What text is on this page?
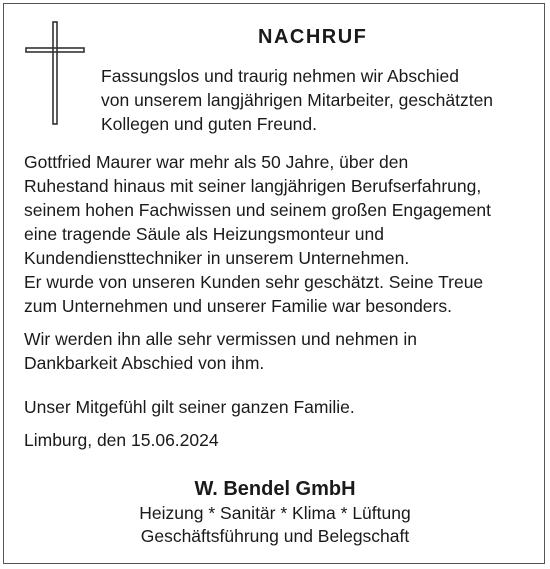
NACHRUF
Fassungslos und traurig nehmen wir Abschied
von unserem langjährigen Mitarbeiter, geschätzten
Kollegen und guten Freund.
Gottfried Maurer war mehr als 50 Jahre, über den
Ruhestand hinaus mit seiner langjährigen Berufserfahrung,
seinem hohen Fachwissen und seinem großen Engagement
eine tragende Säule als Heizungsmonteur und
Kundendiensttechniker in unserem Unternehmen.
Er wurde von unseren Kunden sehr geschätzt. Seine Treue
zum Unternehmen und unserer Familie war besonders.
Wir werden ihn alle sehr vermissen und nehmen in
Dankbarkeit Abschied von ihm.
Unser Mitgefühl gilt seiner ganzen Familie.
Limburg, den 15.06.2024
W. Bendel GmbH
Heizung * Sanitär * Klima * Lüftung
Geschäftsführung und Belegschaft
